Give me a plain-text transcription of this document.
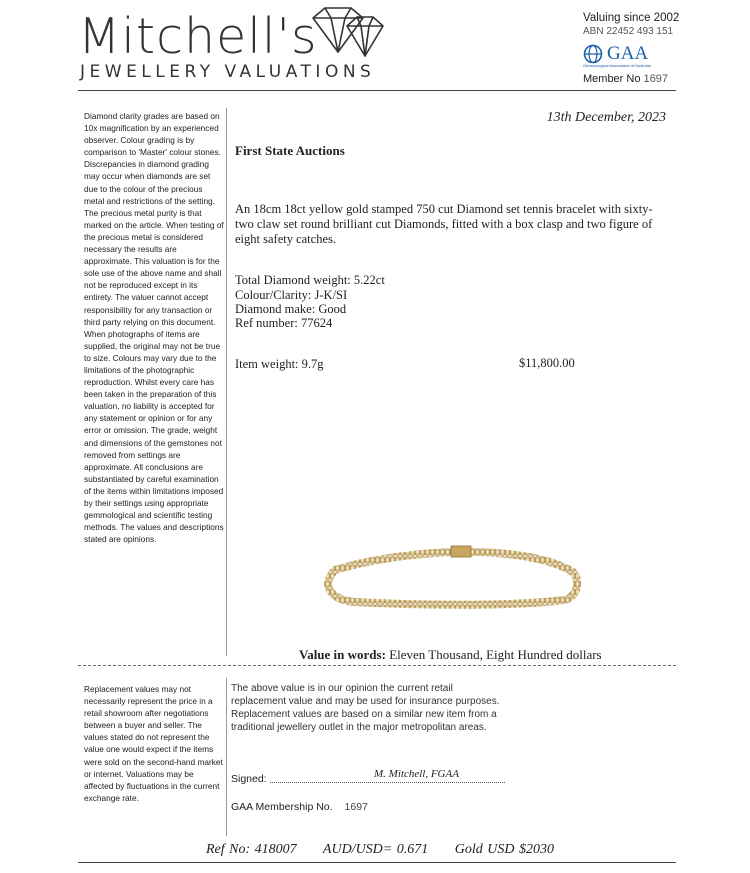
Mitchell's
JEWELLERY VALUATIONS
Valuing since 2002
ABN 22452 493 151
GAA
Gemmological Association of Australia
Member No 1697
Diamond clarity grades are based on 10x magnification by an experienced observer. Colour grading is by comparison to 'Master' colour stones. Discrepancies in diamond grading may occur when diamonds are set due to the colour of the precious metal and restrictions of the setting. The precious metal purity is that marked on the article. When testing of the precious metal is considered necessary the results are approximate. This valuation is for the sole use of the above name and shall not be reproduced except in its entirety. The valuer cannot accept responsibility for any transaction or third party relying on this document. When photographs of items are supplied, the original may not be true to size. Colours may vary due to the limitations of the photographic reproduction. Whilst every care has been taken in the preparation of this valuation, no liability is accepted for any statement or opinion or for any error or omission. The grade, weight and dimensions of the gemstones not removed from settings are approximate. All conclusions are substantiated by careful examination of the items within limitations imposed by their settings using appropriate gemmological and scientific testing methods. The values and descriptions stated are opinions.
13th December, 2023
First State Auctions
An 18cm 18ct yellow gold stamped 750 cut Diamond set tennis bracelet with sixty-two claw set round brilliant cut Diamonds, fitted with a box clasp and two figure of eight safety catches.
Total Diamond weight: 5.22ct
Colour/Clarity: J-K/SI
Diamond make: Good
Ref number: 77624
Item weight: 9.7g	$11,800.00
Value in words: Eleven Thousand, Eight Hundred dollars
Replacement values may not necessarily represent the price in a retail showroom after negotiations between a buyer and seller. The values stated do not represent the value one would expect if the items were sold on the second-hand market or internet. Valuations may be affected by fluctuations in the current exchange rate.
The above value is in our opinion the current retail replacement value and may be used for insurance purposes. Replacement values are based on a similar new item from a traditional jewellery outlet in the major metropolitan areas.
Signed:	M. Mitchell, FGAA
GAA Membership No. 1697
Ref No: 418007 AUD/USD= 0.671 Gold USD $2030
